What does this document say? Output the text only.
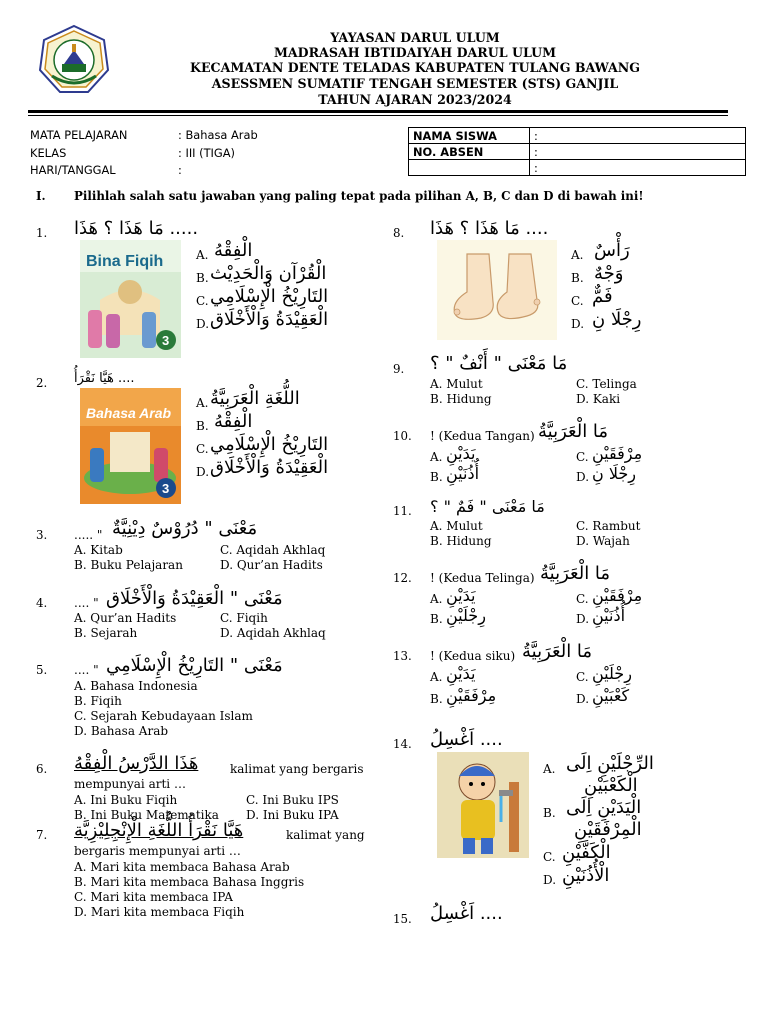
YAYASAN DARUL ULUM
MADRASAH IBTIDAIYAH DARUL ULUM
KECAMATAN DENTE TELADAS KABUPATEN TULANG BAWANG
ASESSMEN SUMATIF TENGAH SEMESTER (STS) GANJIL
TAHUN AJARAN 2023/2024
MATA PELAJARAN	: Bahasa Arab
KELAS	: III (TIGA)
HARI/TANGGAL	:
NAMA SISWA	:
NO. ABSEN	:
	:
I. Pilihlah salah satu jawaban yang paling tepat pada pilihan A, B, C dan D di bawah ini!
1. ..... مَا هَذَا ؟ هَذَا
Bina Fiqih
3
A. الْفِقْهُ
B. الْقُرْآن وَالْحَدِيْث
C. التَارِيْخُ الْإِسْلَامِي
D. الْعَقِيْدَةُ وَالْأَخْلَاق
2. .... هَيَّا نَقْرَأُ
Bahasa Arab
3
A. اللُّغَةِ الْعَرَبِيَّةُ
B. الْفِقْهُ
C. التَارِيْخُ الْإِسْلَامِي
D. الْعَقِيْدَةُ وَالْأَخْلَاق
3. ..... " مَعْنَى " دُرُوْسٌ دِيْنِيَّةٌ
A. Kitab
B. Buku Pelajaran
C. Aqidah Akhlaq
D. Qur’an Hadits
4. .... " مَعْنَى " الْعَقِيْدَةُ وَالْأَخْلَاق
A. Qur’an Hadits
B. Sejarah
C. Fiqih
D. Aqidah Akhlaq
5. .... " مَعْنَى " التَارِيْخُ الْإِسْلَامِي
A. Bahasa Indonesia
B. Fiqih
C. Sejarah Kebudayaan Islam
D. Bahasa Arab
6. هَذَا الدَّرْسُ الْفِقْهُ	kalimat yang bergaris
mempunyai arti …
A. Ini Buku Fiqih
B. Ini Buku Matematika
C. Ini Buku IPS
D. Ini Buku IPA
7. هَيَّا نَقْرَأُ اللُّغَةِ الْإِنْجِلِيْزِيَّة	kalimat yang
bergaris mempunyai arti …
A. Mari kita membaca Bahasa Arab
B. Mari kita membaca Bahasa Inggris
C. Mari kita membaca IPA
D. Mari kita membaca Fiqih
8. .... مَا هَذَا ؟ هَذَا
A. رَأْسٌ
B. وَجْهٌ
C. فَمٌّ
D. رِجْلَا نِ
9. مَا مَعْنَى " أَنْفٌ " ؟
A. Mulut
B. Hidung
C. Telinga
D. Kaki
10. ! (Kedua Tangan) مَا الْعَرَبِيَّةُ
A. يَدَيْنِ
B. أُذُنَيْنِ
C. مِرْفَقَيْنِ
D. رِجْلَا نِ
11. مَا مَعْنَى " فَمٌ " ؟
A. Mulut
B. Hidung
C. Rambut
D. Wajah
12. ! (Kedua Telinga) مَا الْعَرَبِيَّةُ
A. يَدَيْنِ
B. رِجْلَيْنِ
C. مِرْفَقَيْنِ
D. أُذُنَيْنِ
13. ! (Kedua siku) مَا الْعَرَبِيَّةُ
A. يَدَيْنِ
B. مِرْفَقَيْنِ
C. رِجْلَيْنِ
D. كَعْبَيْنِ
14. .... اَغْسِلُ
A. الرِّجْلَيْنِ اِلَى
الْكَعْبَيْنِ
B. الْيَدَيْنِ اِلَى
الْمِرْفَقَيْنِ
C. الْكَفَّيْنِ
D. الْأُذُنَيْنِ
15. .... اَغْسِلُ
